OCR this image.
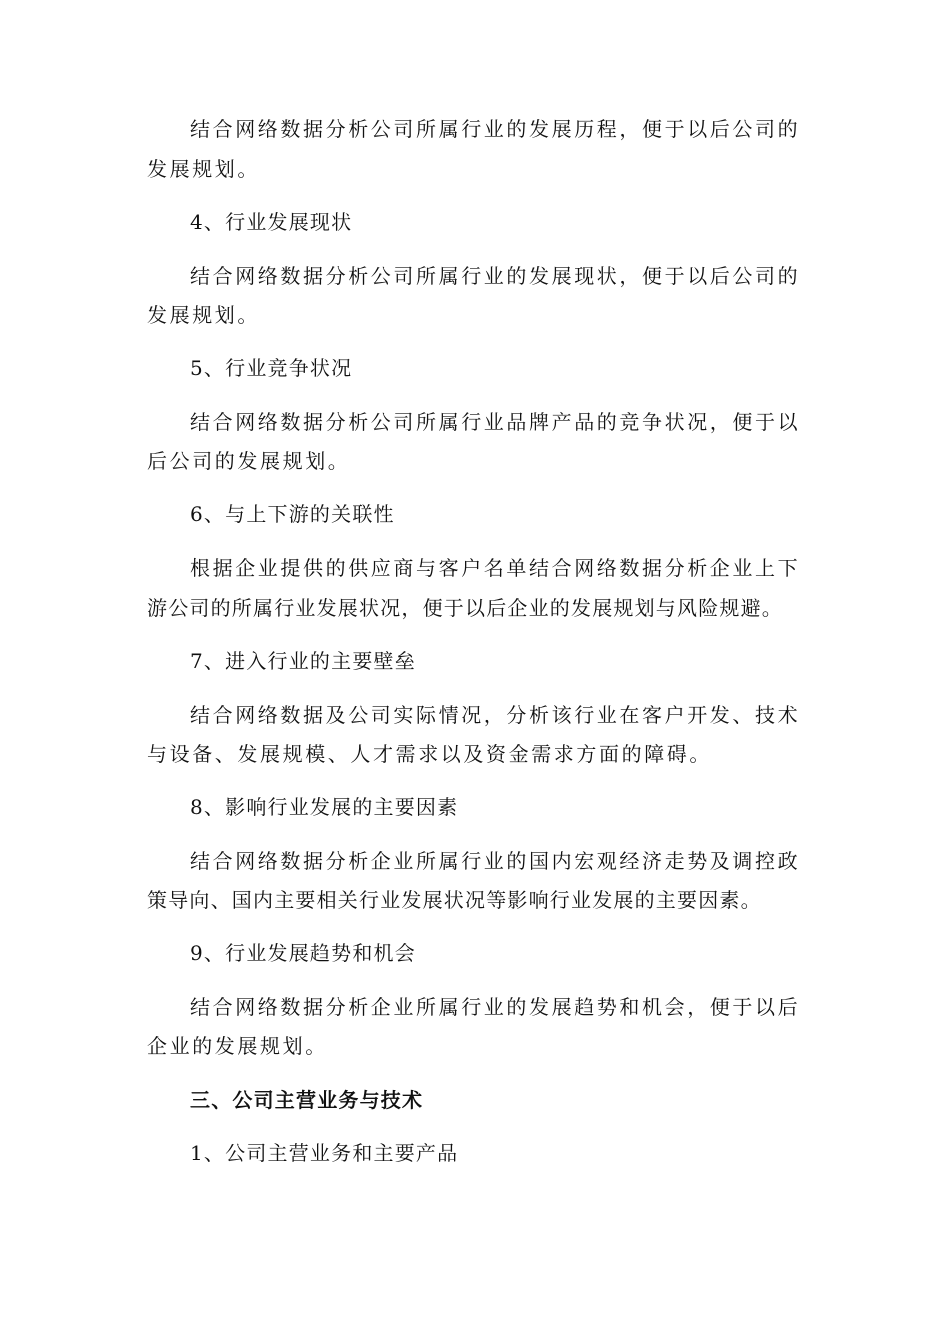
结合网络数据分析公司所属行业的发展历程，便于以后公司的

发展规划。

4、行业发展现状

结合网络数据分析公司所属行业的发展现状，便于以后公司的

发展规划。

5、行业竞争状况

结合网络数据分析公司所属行业品牌产品的竞争状况，便于以

后公司的发展规划。

6、与上下游的关联性

根据企业提供的供应商与客户名单结合网络数据分析企业上下

游公司的所属行业发展状况，便于以后企业的发展规划与风险规避。

7、进入行业的主要壁垒

结合网络数据及公司实际情况，分析该行业在客户开发、技术

与设备、发展规模、人才需求以及资金需求方面的障碍。

8、影响行业发展的主要因素

结合网络数据分析企业所属行业的国内宏观经济走势及调控政

策导向、国内主要相关行业发展状况等影响行业发展的主要因素。

9、行业发展趋势和机会

结合网络数据分析企业所属行业的发展趋势和机会，便于以后

企业的发展规划。

三、公司主营业务与技术

1、公司主营业务和主要产品
